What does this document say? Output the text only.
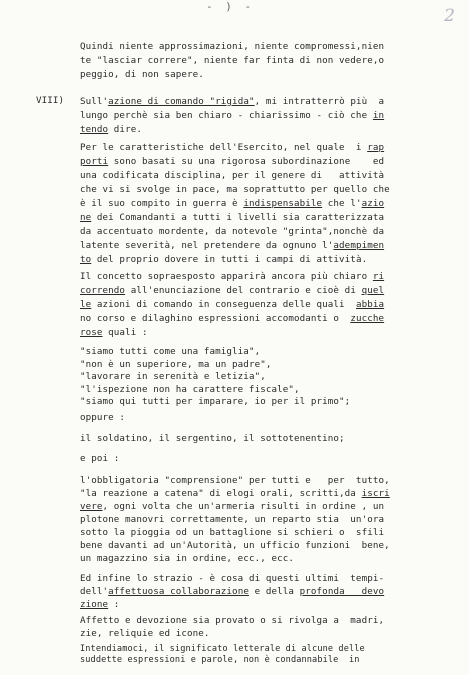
- ) -	2

Quindi niente approssimazioni, niente compromessi,nien

te "lasciar correre", niente far finta di non vedere,o

peggio, di non sapere.

VIII) Sull'azione di comando "rigida", mi intratterrò più  a

lungo perchè sia ben chiaro - chiarissimo - ciò che in

tendo dire.

Per le caratteristiche dell'Esercito, nel quale  i rap

porti sono basati su una rigorosa subordinazione    ed

una codificata disciplina, per il genere di   attività

che vi si svolge in pace, ma soprattutto per quello che

è il suo compito in guerra è indispensabile che l'azio

ne dei Comandanti a tutti i livelli sia caratterizzata

da accentuato mordente, da notevole "grinta",nonchè da

latente severità, nel pretendere da ognuno l'adempimen

to del proprio dovere in tutti i campi di attività.

Il concetto sopraesposto apparirà ancora più chiaro ri

correndo all'enunciazione del contrario e cioè di quel

le azioni di comando in conseguenza delle quali  abbia

no corso e dilaghino espressioni accomodanti o  zucche

rose quali :

"siamo tutti come una famiglia",

"non è un superiore, ma un padre",

"lavorare in serenità e letizia",

"l'ispezione non ha carattere fiscale",

"siamo qui tutti per imparare, io per il primo";

oppure :
il soldatino, il sergentino, il sottotenentino;
e poi :

l'obbligatoria "comprensione" per tutti e   per  tutto,

"la reazione a catena" di elogi orali, scritti,da iscri

vere, ogni volta che un'armeria risulti in ordine , un

plotone manovri correttamente, un reparto stia  un'ora

sotto la pioggia od un battaglione si schieri o  sfili

bene davanti ad un'Autorità, un ufficio funzioni  bene,

un magazzino sia in ordine, ecc., ecc.

Ed infine lo strazio - è cosa di questi ultimi  tempi-

dell'affettuosa collaborazione e della profonda   devo

zione :

Affetto e devozione sia provato o si rivolga a  madri,

zie, reliquie ed icone.

Intendiamoci, il significato letterale di alcune delle

suddette espressioni e parole, non è condannabile  in
